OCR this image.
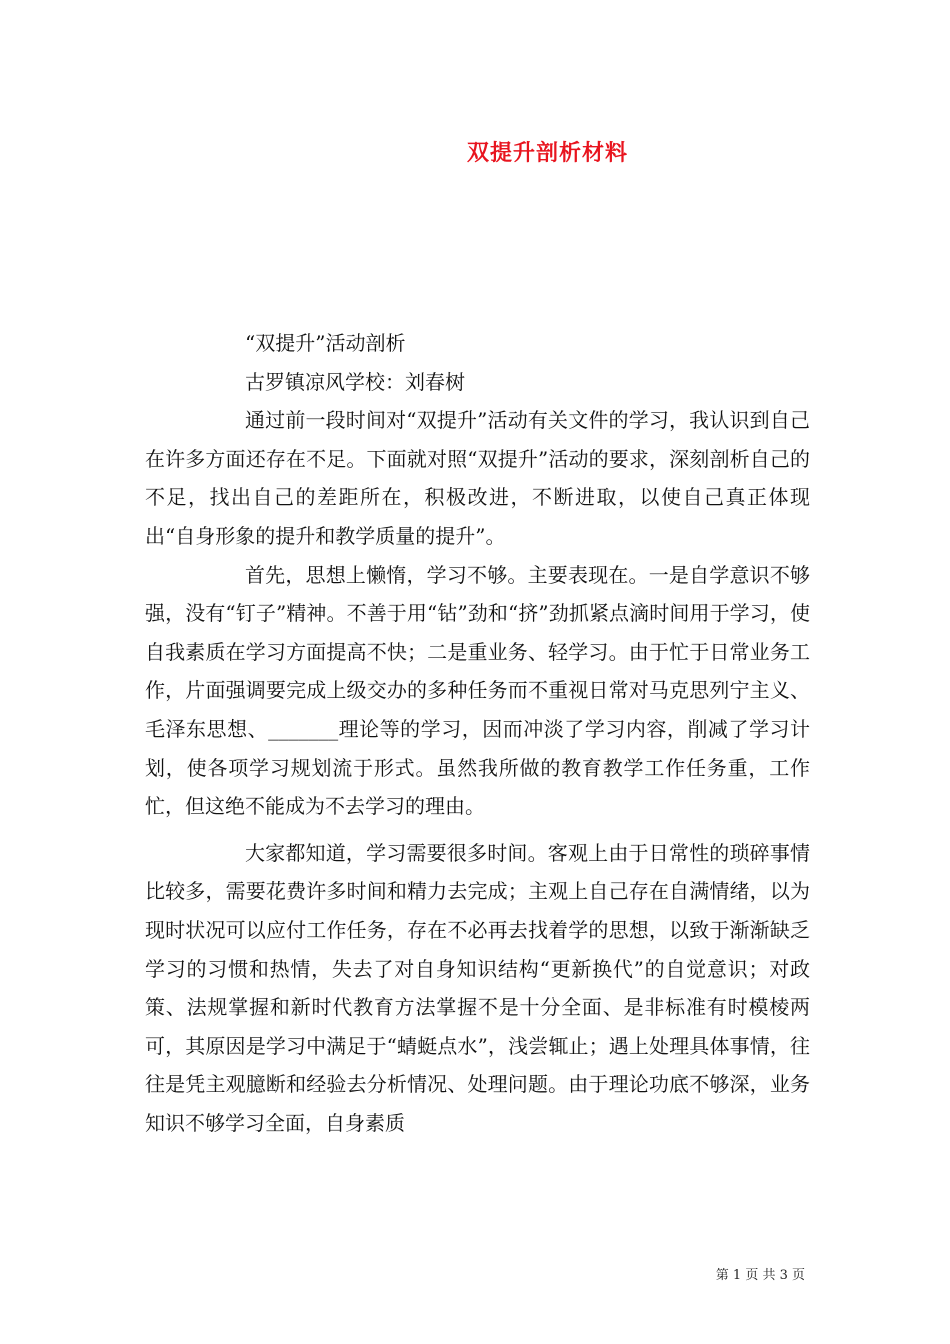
双提升剖析材料

“双提升”活动剖析

古罗镇凉风学校：刘春树

通过前一段时间对“双提升”活动有关文件的学习，我认识到自己在许多方面还存在不足。下面就对照“双提升”活动的要求，深刻剖析自己的不足，找出自己的差距所在，积极改进，不断进取，以使自己真正体现出“自身形象的提升和教学质量的提升”。

首先，思想上懒惰，学习不够。主要表现在。一是自学意识不够强，没有“钉子”精神。不善于用“钻”劲和“挤”劲抓紧点滴时间用于学习，使自我素质在学习方面提高不快；二是重业务、轻学习。由于忙于日常业务工作，片面强调要完成上级交办的多种任务而不重视日常对马克思列宁主义、毛泽东思想、_______理论等的学习，因而冲淡了学习内容，削减了学习计划，使各项学习规划流于形式。虽然我所做的教育教学工作任务重，工作忙，但这绝不能成为不去学习的理由。

大家都知道，学习需要很多时间。客观上由于日常性的琐碎事情比较多，需要花费许多时间和精力去完成；主观上自己存在自满情绪，以为现时状况可以应付工作任务，存在不必再去找着学的思想，以致于渐渐缺乏学习的习惯和热情，失去了对自身知识结构“更新换代”的自觉意识；对政策、法规掌握和新时代教育方法掌握不是十分全面、是非标准有时模棱两可，其原因是学习中满足于“蜻蜓点水”，浅尝辄止；遇上处理具体事情，往往是凭主观臆断和经验去分析情况、处理问题。由于理论功底不够深，业务知识不够学习全面，自身素质

第 1 页 共 3 页
